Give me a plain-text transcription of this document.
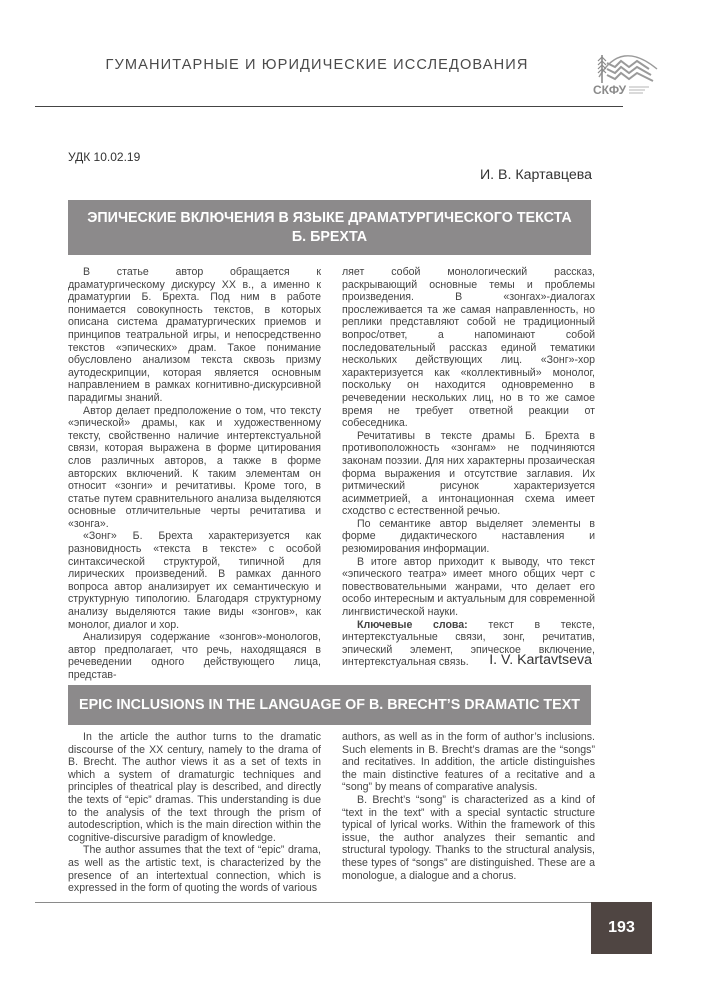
ГУМАНИТАРНЫЕ И ЮРИДИЧЕСКИЕ ИССЛЕДОВАНИЯ
СКФУ
УДК 10.02.19
И. В. Картавцева
ЭПИЧЕСКИЕ ВКЛЮЧЕНИЯ В ЯЗЫКЕ ДРАМАТУРГИЧЕСКОГО ТЕКСТА
Б. БРЕХТА

В статье автор обращается к драматургическому дискурсу XX в., а именно к драматургии Б. Брехта. Под ним в работе понимается совокупность текстов, в которых описана система драматургических приемов и принципов театральной игры, и непосредственно текстов «эпических» драм. Такое понимание обусловлено анализом текста сквозь призму аутодескрипции, которая является основным направлением в рамках когнитивно-дискурсивной парадигмы знаний.

Автор делает предположение о том, что тексту «эпической» драмы, как и художественному тексту, свойственно наличие интертекстуальной связи, которая выражена в форме цитирования слов различных авторов, а также в форме авторских включений. К таким элементам он относит «зонги» и речитативы. Кроме того, в статье путем сравнительного анализа выделяются основные отличительные черты речитатива и «зонга».

«Зонг» Б. Брехта характеризуется как разновидность «текста в тексте» с особой синтаксической структурой, типичной для лирических произведений. В рамках данного вопроса автор анализирует их семантическую и структурную типологию. Благодаря структурному анализу выделяются такие виды «зонгов», как монолог, диалог и хор.

Анализируя содержание «зонгов»-монологов, автор предполагает, что речь, находящаяся в речеведении одного действующего лица, представ-

ляет собой монологический рассказ, раскрывающий основные темы и проблемы произведения. В «зонгах»-диалогах прослеживается та же самая направленность, но реплики представляют собой не традиционный вопрос/ответ, а напоминают собой последовательный рассказ единой тематики нескольких действующих лиц. «Зонг»-хор характеризуется как «коллективный» монолог, поскольку он находится одновременно в речеведении нескольких лиц, но в то же самое время не требует ответной реакции от собеседника.

Речитативы в тексте драмы Б. Брехта в противоположность «зонгам» не подчиняются законам поэзии. Для них характерны прозаическая форма выражения и отсутствие заглавия. Их ритмический рисунок характеризуется асимметрией, а интонационная схема имеет сходство с естественной речью.

По семантике автор выделяет элементы в форме дидактического наставления и резюмирования информации.

В итоге автор приходит к выводу, что текст «эпического театра» имеет много общих черт с повествовательными жанрами, что делает его особо интересным и актуальным для современной лингвистической науки.

Ключевые слова: текст в тексте, интертекстуальные связи, зонг, речитатив, эпический элемент, эпическое включение, интертекстуальная связь.	I. V. Kartavtseva
EPIC INCLUSIONS IN THE LANGUAGE OF B. BRECHT’S DRAMATIC TEXT

In the article the author turns to the dramatic discourse of the XX century, namely to the drama of B. Brecht. The author views it as a set of texts in which a system of dramaturgic techniques and principles of theatrical play is described, and directly the texts of “epic” dramas. This understanding is due to the analysis of the text through the prism of autodescription, which is the main direction within the cognitive-discursive paradigm of knowledge.

The author assumes that the text of “epic” drama, as well as the artistic text, is characterized by the presence of an intertextual connection, which is expressed in the form of quoting the words of various

authors, as well as in the form of author’s inclusions. Such elements in B. Brecht’s dramas are the “songs” and recitatives. In addition, the article distinguishes the main distinctive features of a recitative and a “song” by means of comparative analysis.

B. Brecht’s “song” is characterized as a kind of “text in the text” with a special syntactic structure typical of lyrical works. Within the framework of this issue, the author analyzes their semantic and structural typology. Thanks to the structural analysis, these types of “songs” are distinguished. These are a monologue, a dialogue and a chorus.

193
